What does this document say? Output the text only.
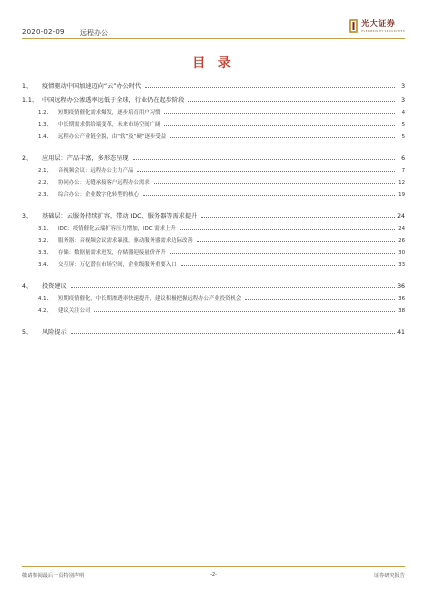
2020-02-09 远程办公
光大证券
EVERBRIGHT SECURITIES
目 录
1、	疫情驱动中国加速迈向“云”办公时代	3
1.1、 中国远程办公渗透率远低于全球，行业仍在起步阶段	3
1.2、	短期疫情催化需求爆发，逐步培育用户习惯	4
1.3、	中长期需求供给端变革，未来市场空间广阔	5
1.4、	远程办公产业链全貌，由“软”及“硬”逐步受益	5
2、	应用层：产品丰富，多形态呈现	6
2.1、	音视频会议：远程办公主力产品	7
2.2、	协同办公：无缝承接客户远程办公需求	12
2.3、	综合办公：企业数字化转型的核心	19
3、	基础层：云服务持续扩容，带动 IDC、服务器等需求提升	24
3.1、	IDC：疫情催化云端扩容压力增加，IDC 需求上升	24
3.2、	服务器：音视频会议需求暴涨，驱动服务器需求边际改善	26
3.3、	存储：数据量需求迸发，存储器迎接量价齐升	30
3.4、	交互屏：万亿潜在市场空间，企业级服务重要入口	33
4、	投资建议	36
4.1、	短期疫情催化，中长期渗透率快速提升，建议积极把握远程办公产业投资机会	36
4.2、	建议关注公司	38
5、	风险提示	41
敬请参阅最后一页特别声明	-2-	证券研究报告
